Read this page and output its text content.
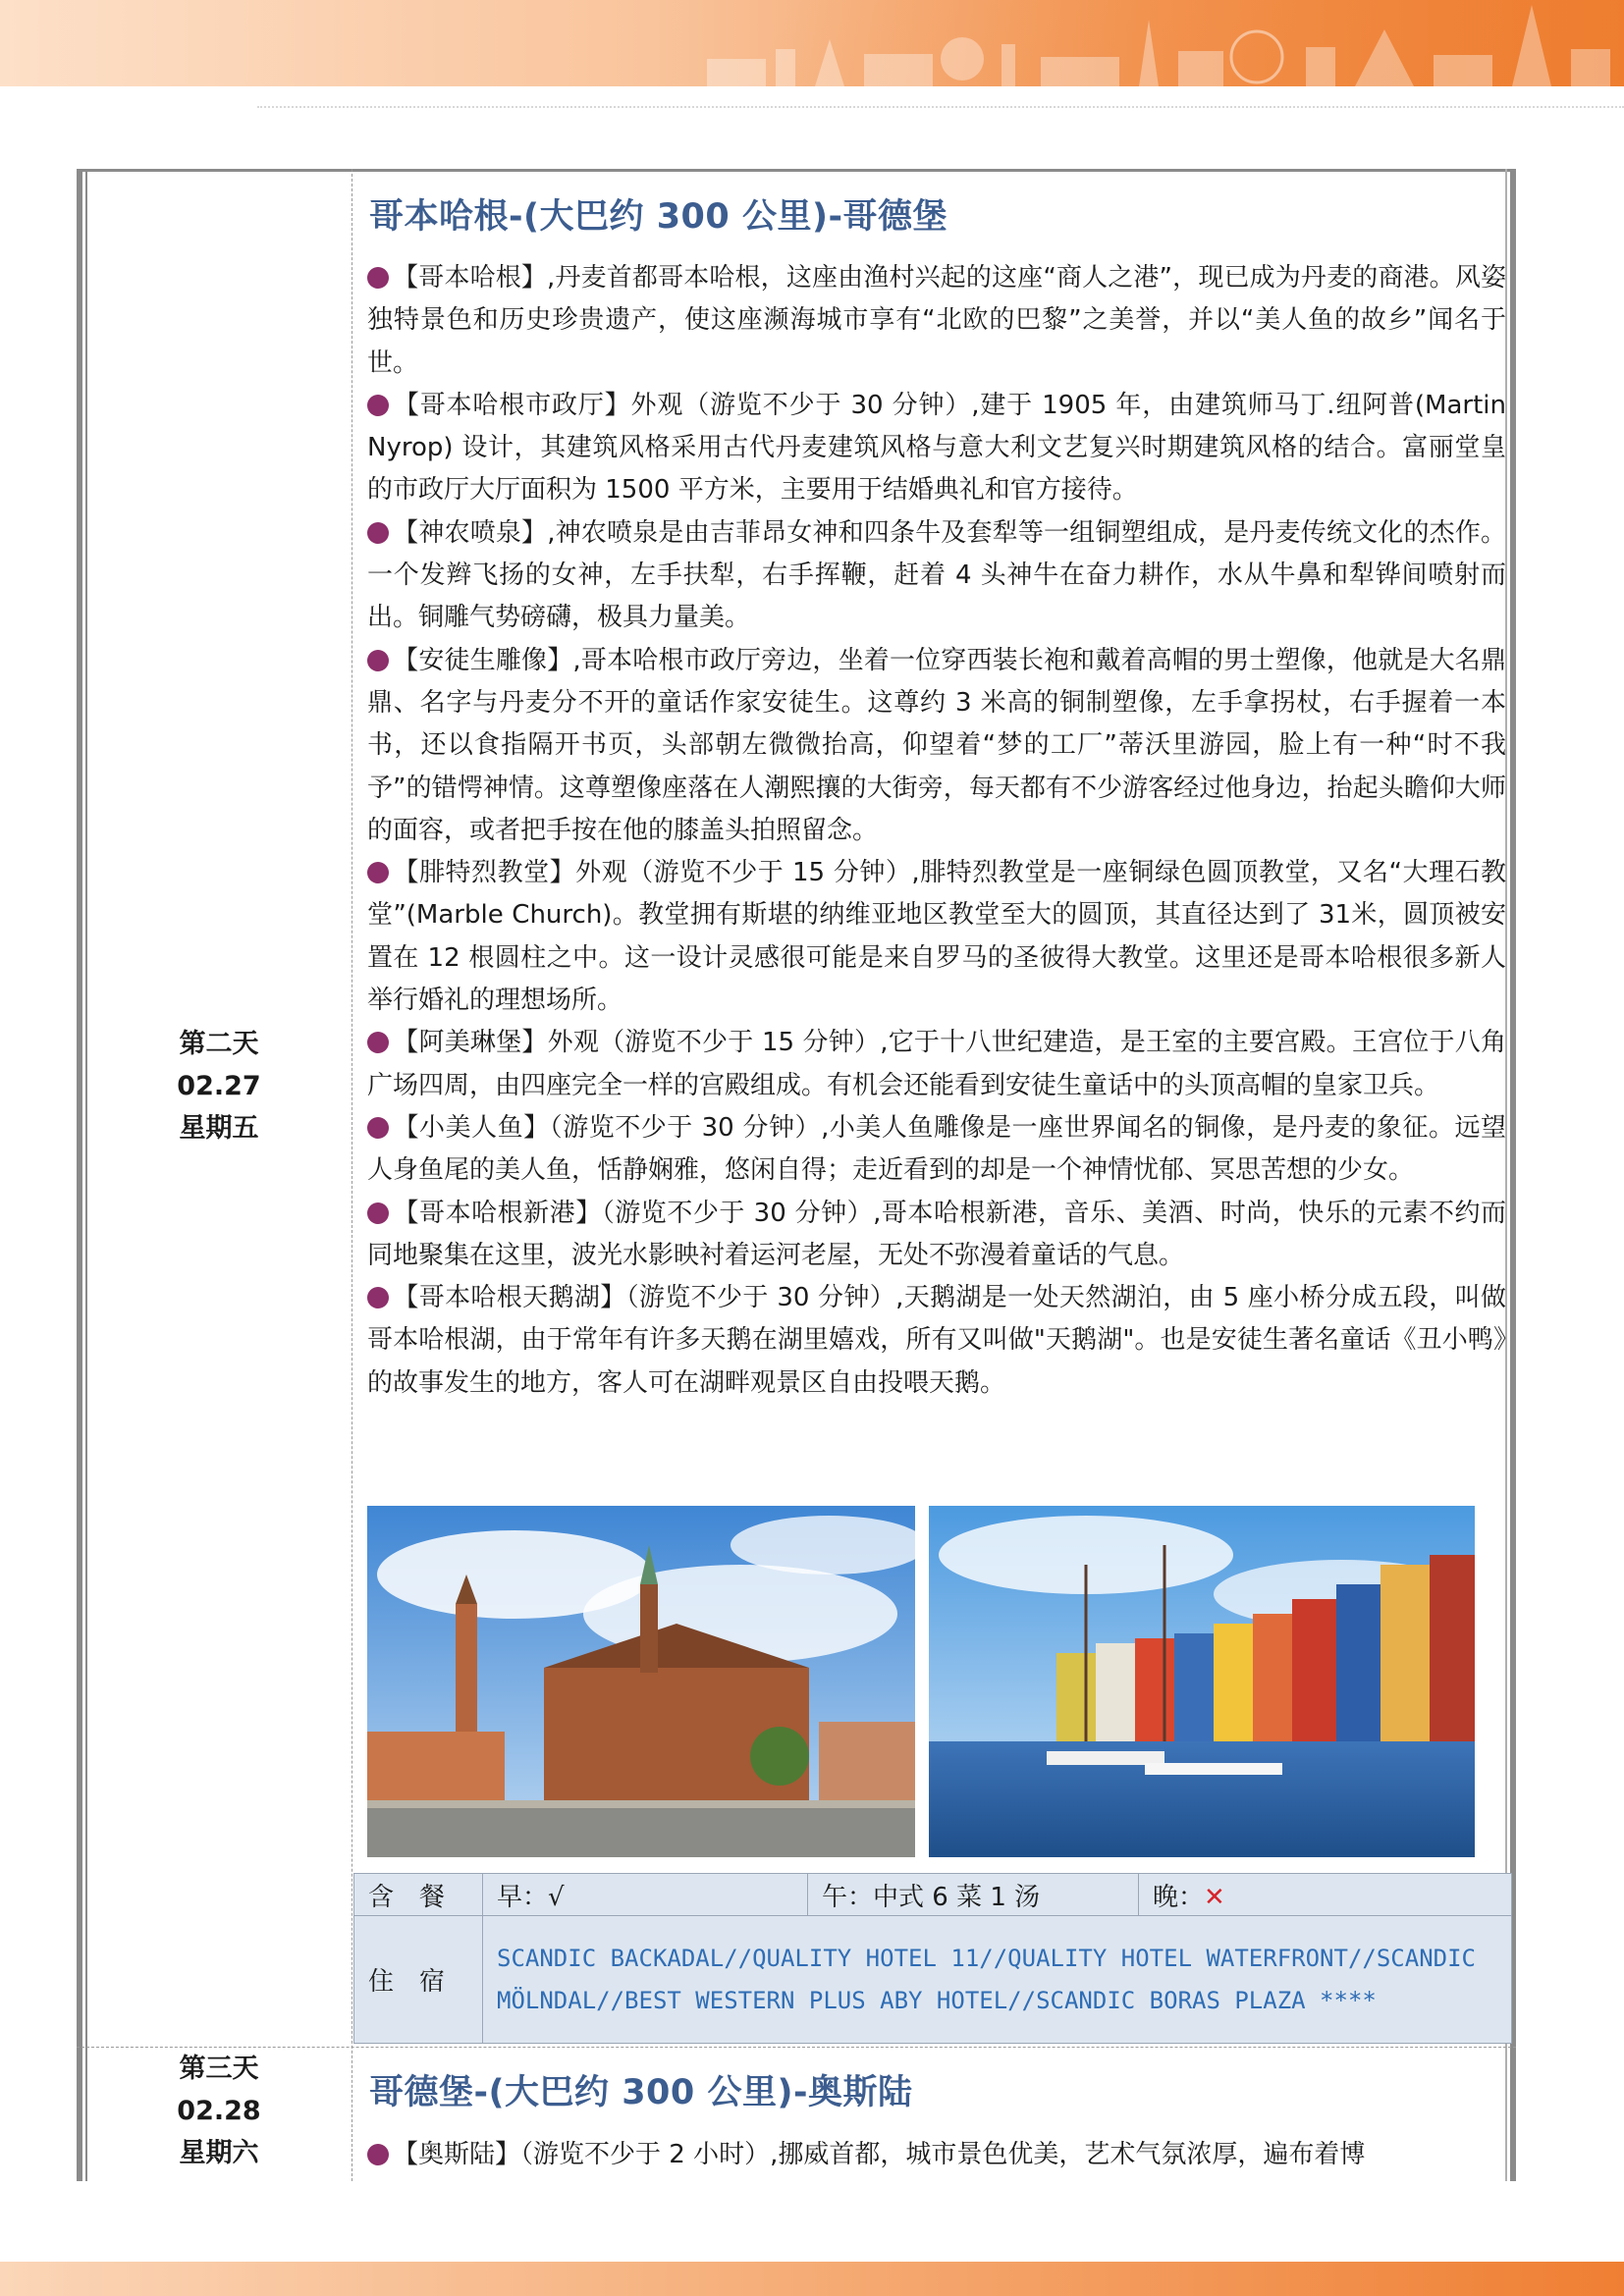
第二天
02.27
星期五
哥本哈根-(大巴约 300 公里)-哥德堡

【哥本哈根】,丹麦首都哥本哈根，这座由渔村兴起的这座“商人之港”，现已成为丹麦的商港。风姿独特景色和历史珍贵遗产，使这座濒海城市享有“北欧的巴黎”之美誉，并以“美人鱼的故乡”闻名于世。

【哥本哈根市政厅】外观（游览不少于 30 分钟）,建于 1905 年，由建筑师马丁.纽阿普(Martin Nyrop) 设计，其建筑风格采用古代丹麦建筑风格与意大利文艺复兴时期建筑风格的结合。富丽堂皇的市政厅大厅面积为 1500 平方米，主要用于结婚典礼和官方接待。

【神农喷泉】,神农喷泉是由吉菲昂女神和四条牛及套犁等一组铜塑组成，是丹麦传统文化的杰作。一个发辫飞扬的女神，左手扶犁，右手挥鞭，赶着 4 头神牛在奋力耕作，水从牛鼻和犁铧间喷射而出。铜雕气势磅礴，极具力量美。

【安徒生雕像】,哥本哈根市政厅旁边，坐着一位穿西装长袍和戴着高帽的男士塑像，他就是大名鼎鼎、名字与丹麦分不开的童话作家安徒生。这尊约 3 米高的铜制塑像，左手拿拐杖，右手握着一本书，还以食指隔开书页，头部朝左微微抬高，仰望着“梦的工厂”蒂沃里游园，脸上有一种“时不我予”的错愕神情。这尊塑像座落在人潮熙攘的大街旁，每天都有不少游客经过他身边，抬起头瞻仰大师的面容，或者把手按在他的膝盖头拍照留念。

【腓特烈教堂】外观（游览不少于 15 分钟）,腓特烈教堂是一座铜绿色圆顶教堂，又名“大理石教堂”(Marble Church)。教堂拥有斯堪的纳维亚地区教堂至大的圆顶，其直径达到了 31米，圆顶被安置在 12 根圆柱之中。这一设计灵感很可能是来自罗马的圣彼得大教堂。这里还是哥本哈根很多新人举行婚礼的理想场所。

【阿美琳堡】外观（游览不少于 15 分钟）,它于十八世纪建造，是王室的主要宫殿。王宫位于八角广场四周，由四座完全一样的宫殿组成。有机会还能看到安徒生童话中的头顶高帽的皇家卫兵。

【小美人鱼】（游览不少于 30 分钟）,小美人鱼雕像是一座世界闻名的铜像，是丹麦的象征。远望人身鱼尾的美人鱼，恬静娴雅，悠闲自得；走近看到的却是一个神情忧郁、冥思苦想的少女。

【哥本哈根新港】（游览不少于 30 分钟）,哥本哈根新港，音乐、美酒、时尚，快乐的元素不约而同地聚集在这里，波光水影映衬着运河老屋，无处不弥漫着童话的气息。

【哥本哈根天鹅湖】（游览不少于 30 分钟）,天鹅湖是一处天然湖泊，由 5 座小桥分成五段，叫做哥本哈根湖，由于常年有许多天鹅在湖里嬉戏，所有又叫做"天鹅湖"。也是安徒生著名童话《丑小鸭》的故事发生的地方，客人可在湖畔观景区自由投喂天鹅。

含　餐	早：√	午：中式 6 菜 1 汤	晚：✕
住　宿	SCANDIC BACKADAL//QUALITY HOTEL 11//QUALITY HOTEL WATERFRONT//SCANDIC MÖLNDAL//BEST WESTERN PLUS ABY HOTEL//SCANDIC BORAS PLAZA ****		
第三天
02.28
星期六
哥德堡-(大巴约 300 公里)-奥斯陆
【奥斯陆】（游览不少于 2 小时）,挪威首都，城市景色优美，艺术气氛浓厚，遍布着博
